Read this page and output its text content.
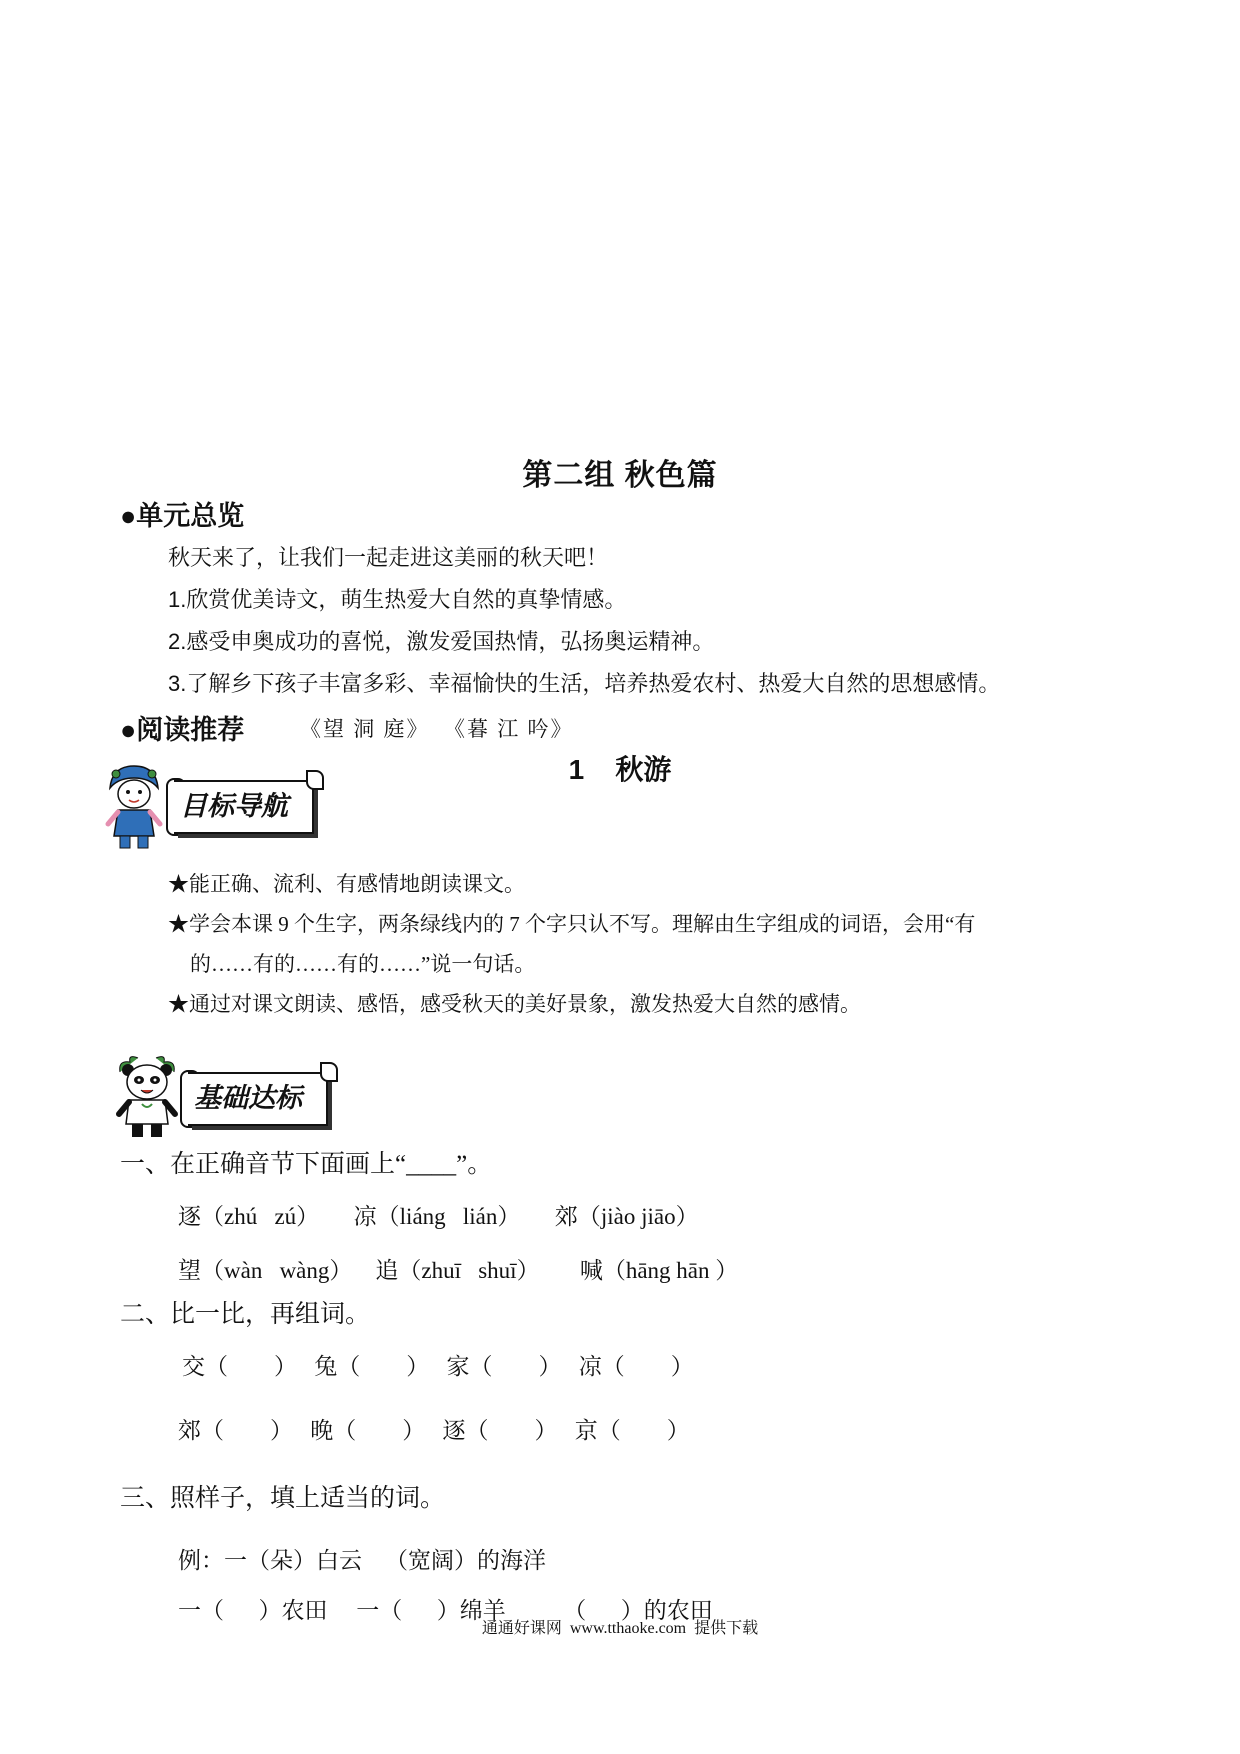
第二组 秋色篇
●单元总览
秋天来了，让我们一起走进这美丽的秋天吧！
1.欣赏优美诗文，萌生热爱大自然的真挚情感。
2.感受申奥成功的喜悦，激发爱国热情，弘扬奥运精神。
3.了解乡下孩子丰富多彩、幸福愉快的生活，培养热爱农村、热爱大自然的思想感情。
●阅读推荐	《望 洞 庭》  《暮 江 吟》
1    秋游
目标导航

★能正确、流利、有感情地朗读课文。

★学会本课 9 个生字，两条绿线内的 7 个字只认不写。理解由生字组成的词语，会用“有

的……有的……有的……”说一句话。

★通过对课文朗读、感悟，感受秋天的美好景象，激发热爱大自然的感情。

基础达标
一、在正确音节下面画上“____”。
逐（zhú   zú）      凉（liáng   lián）      郊（jiào jiāo）
望（wàn   wàng）    追（zhuī   shuī）       喊（hāng hān ）
二、比一比，再组词。
交（        ）   兔（        ）   家（        ）   凉（        ）
郊（        ）   晚（        ）   逐（        ）   京（        ）
三、照样子，填上适当的词。
例：一（朵）白云    （宽阔）的海洋
一（      ）农田     一（      ）绵羊          （      ）的农田
通通好课网  www.tthaoke.com  提供下载
